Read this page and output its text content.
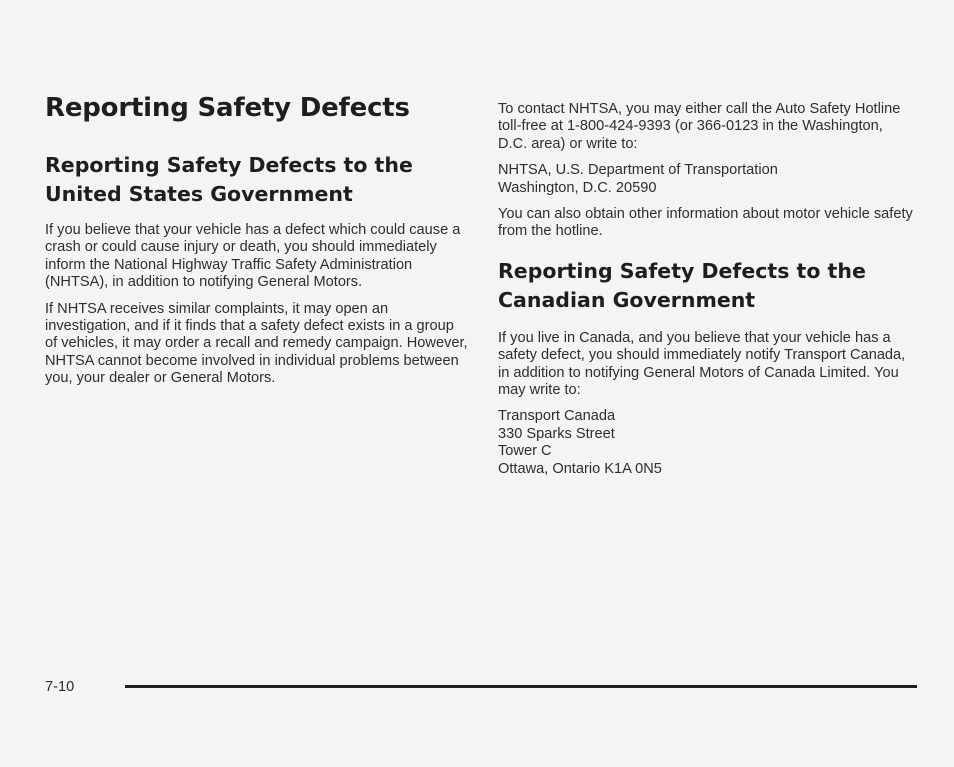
Reporting Safety Defects
Reporting Safety Defects to the United States Government

If you believe that your vehicle has a defect which could cause a crash or could cause injury or death, you should immediately inform the National Highway Traffic Safety Administration (NHTSA), in addition to notifying General Motors.

If NHTSA receives similar complaints, it may open an investigation, and if it finds that a safety defect exists in a group of vehicles, it may order a recall and remedy campaign. However, NHTSA cannot become involved in individual problems between you, your dealer or General Motors.

To contact NHTSA, you may either call the Auto Safety Hotline toll-free at 1-800-424-9393 (or 366-0123 in the Washington, D.C. area) or write to:

NHTSA, U.S. Department of Transportation
Washington, D.C. 20590

You can also obtain other information about motor vehicle safety from the hotline.

Reporting Safety Defects to the Canadian Government

If you live in Canada, and you believe that your vehicle has a safety defect, you should immediately notify Transport Canada, in addition to notifying General Motors of Canada Limited. You may write to:

Transport Canada
330 Sparks Street
Tower C
Ottawa, Ontario K1A 0N5

7-10
